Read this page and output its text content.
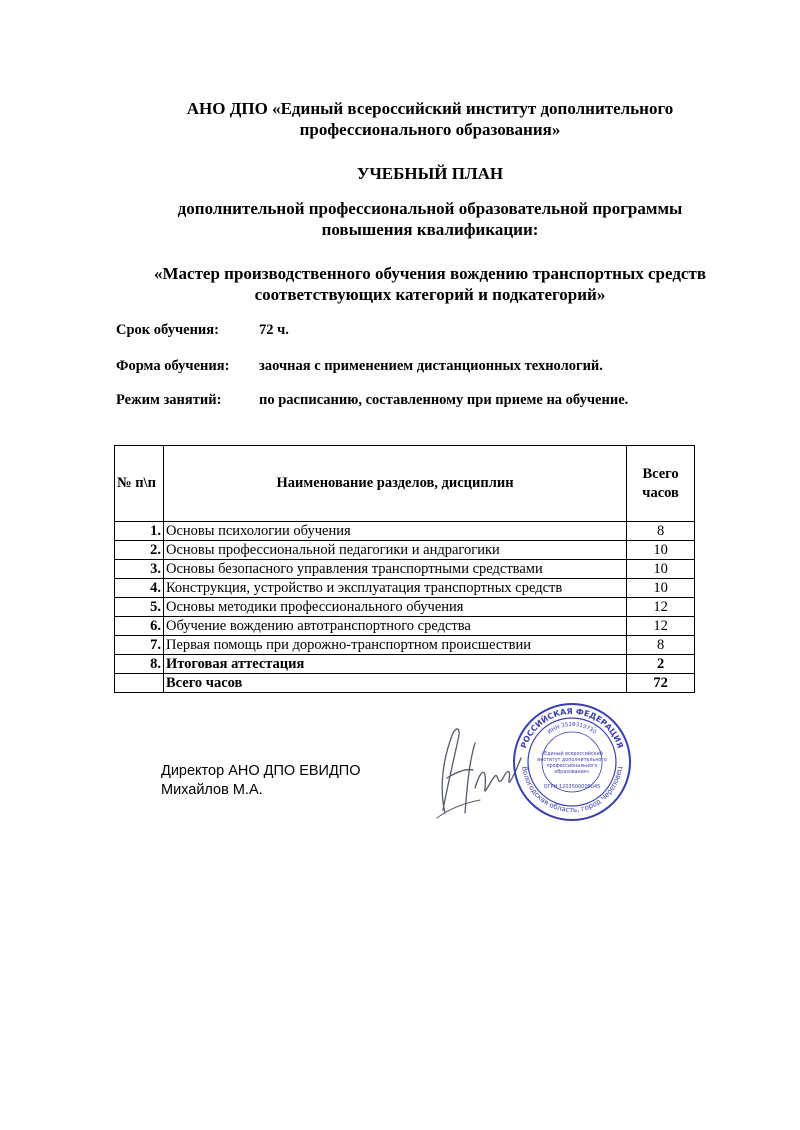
АНО ДПО «Единый всероссийский институт дополнительного
профессионального образования»
УЧЕБНЫЙ ПЛАН
дополнительной профессиональной образовательной программы
повышения квалификации:
«Мастер производственного обучения вождению транспортных средств
соответствующих категорий и подкатегорий»
Срок обучения:	72 ч.
Форма обучения: заочная с применением дистанционных технологий.
Режим занятий:	по расписанию, составленному при приеме на обучение.
№ п\п	Наименование разделов, дисциплин	Всего
часов

1.	Основы психологии обучения	8
2.	Основы профессиональной педагогики и андрагогики	10
3.	Основы безопасного управления транспортными средствами	10
4.	Конструкция, устройство и эксплуатация транспортных средств	10
5.	Основы методики профессионального обучения	12
6.	Обучение вождению автотранспортного средства	12
7.	Первая помощь при дорожно-транспортном происшествии	8
8.	Итоговая аттестация	2
	Всего часов	72
Директор АНО ДПО ЕВИДПО
Михайлов М.А.
РОССИЙСКАЯ ФЕДЕРАЦИЯ
Вологодская область, город Череповец
ИНН 3528313730
«Единый всероссийский
институт дополнительного
профессионального
образования»
ОГРН 1203500005045
